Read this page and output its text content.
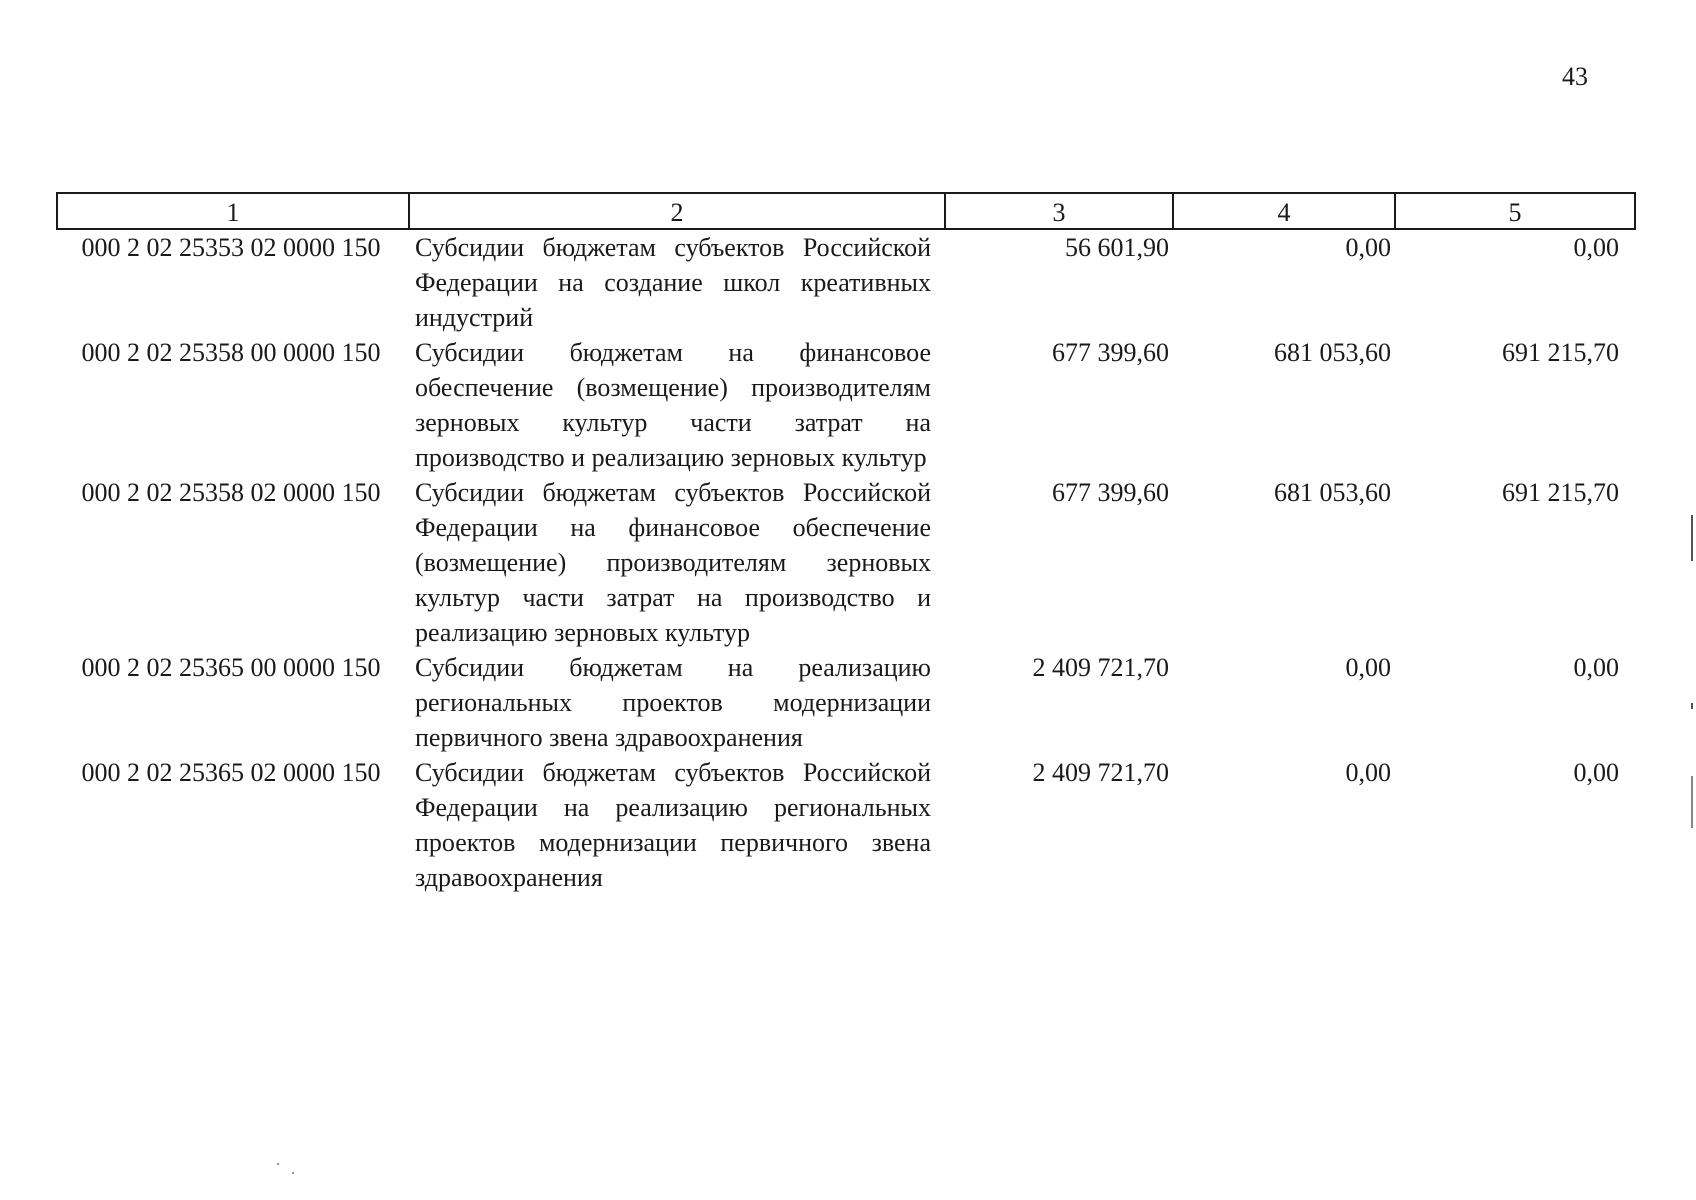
43
1	2	3	4	5
000 2 02 25353 02 0000 150	Субсидии бюджетам субъектов Российской Федерации на создание школ креативных индустрий	56 601,90	0,00	0,00
000 2 02 25358 00 0000 150	Субсидии бюджетам на финансовое обеспечение (возмещение) производителям зерновых культур части затрат на производство и реализацию зерновых культур	677 399,60	681 053,60	691 215,70
000 2 02 25358 02 0000 150	Субсидии бюджетам субъектов Российской Федерации на финансовое обеспечение (возмещение) производителям зерновых культур части затрат на производство и реализацию зерновых культур	677 399,60	681 053,60	691 215,70
000 2 02 25365 00 0000 150	Субсидии бюджетам на реализацию региональных проектов модернизации первичного звена здравоохранения	2 409 721,70	0,00	0,00
000 2 02 25365 02 0000 150	Субсидии бюджетам субъектов Российской Федерации на реализацию региональных проектов модернизации первичного звена здравоохранения	2 409 721,70	0,00	0,00
